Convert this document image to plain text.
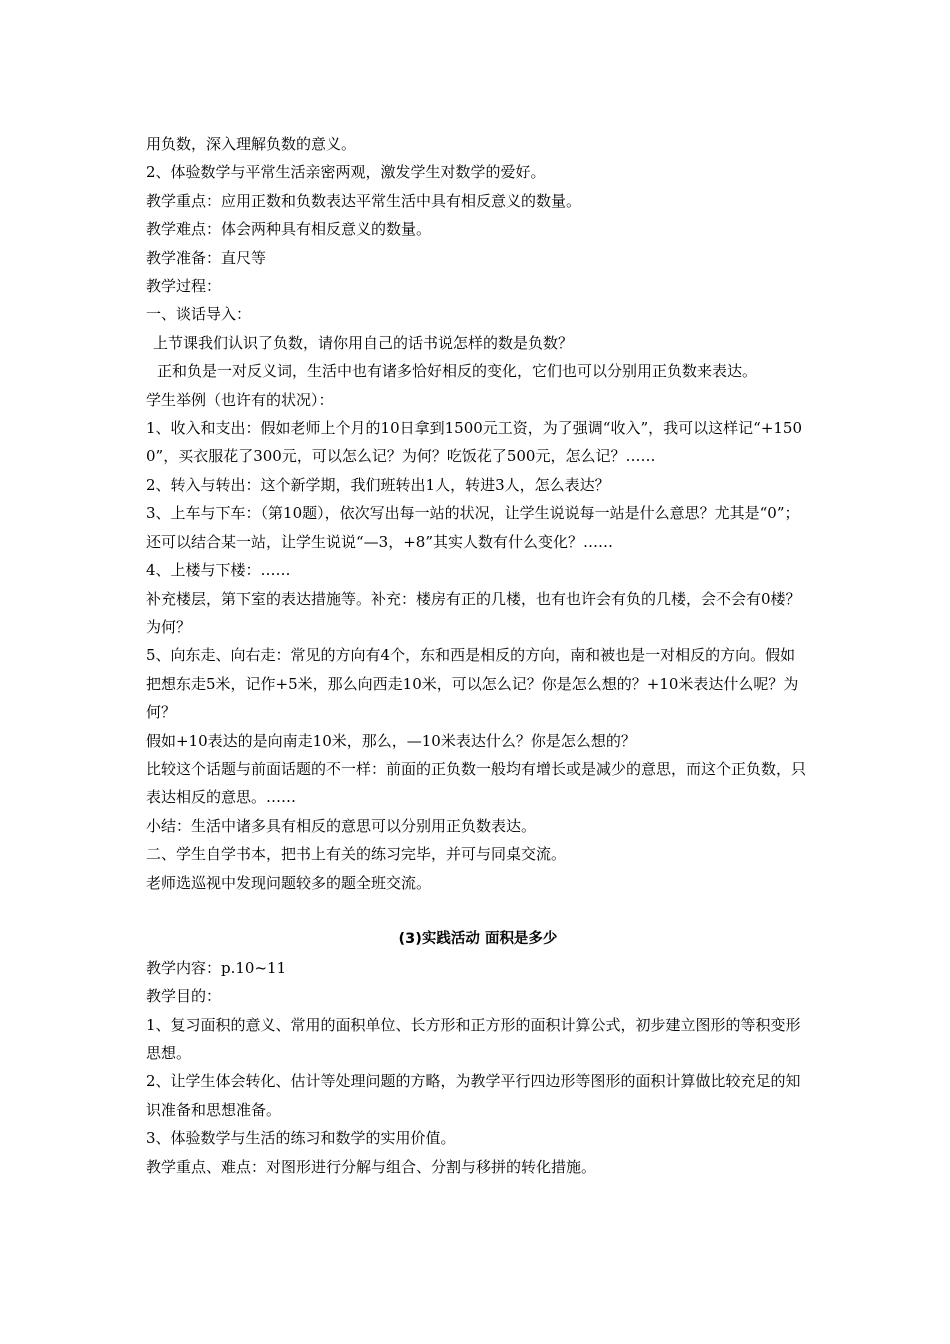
用负数，深入理解负数的意义。

2、体验数学与平常生活亲密两观，激发学生对数学的爱好。

教学重点：应用正数和负数表达平常生活中具有相反意义的数量。

教学难点：体会两种具有相反意义的数量。

教学准备：直尺等

教学过程：

一、谈话导入：

上节课我们认识了负数，请你用自己的话书说怎样的数是负数？

正和负是一对反义词，生活中也有诸多恰好相反的变化，它们也可以分别用正负数来表达。

学生举例（也许有的状况）：

1、收入和支出：假如老师上个月的10日拿到1500元工资，为了强调“收入”，我可以这样记“+1500”，买衣服花了300元，可以怎么记？为何？吃饭花了500元，怎么记？……

2、转入与转出：这个新学期，我们班转出1人，转进3人，怎么表达？

3、上车与下车：（第10题），依次写出每一站的状况，让学生说说每一站是什么意思？尤其是“0”；还可以结合某一站，让学生说说“—3，+8”其实人数有什么变化？……

4、上楼与下楼：……

补充楼层，第下室的表达措施等。补充：楼房有正的几楼，也有也许会有负的几楼，会不会有0楼？为何？

5、向东走、向右走：常见的方向有4个，东和西是相反的方向，南和被也是一对相反的方向。假如把想东走5米，记作+5米，那么向西走10米，可以怎么记？你是怎么想的？+10米表达什么呢？为何？

假如+10表达的是向南走10米，那么，—10米表达什么？你是怎么想的？

比较这个话题与前面话题的不一样：前面的正负数一般均有增长或是减少的意思，而这个正负数，只表达相反的意思。……

小结：生活中诸多具有相反的意思可以分别用正负数表达。

二、学生自学书本，把书上有关的练习完毕，并可与同桌交流。

老师选巡视中发现问题较多的题全班交流。

(3)实践活动 面积是多少

教学内容：p.10~11

教学目的：

1、复习面积的意义、常用的面积单位、长方形和正方形的面积计算公式，初步建立图形的等积变形思想。

2、让学生体会转化、估计等处理问题的方略，为教学平行四边形等图形的面积计算做比较充足的知识准备和思想准备。

3、体验数学与生活的练习和数学的实用价值。

教学重点、难点：对图形进行分解与组合、分割与移拼的转化措施。
